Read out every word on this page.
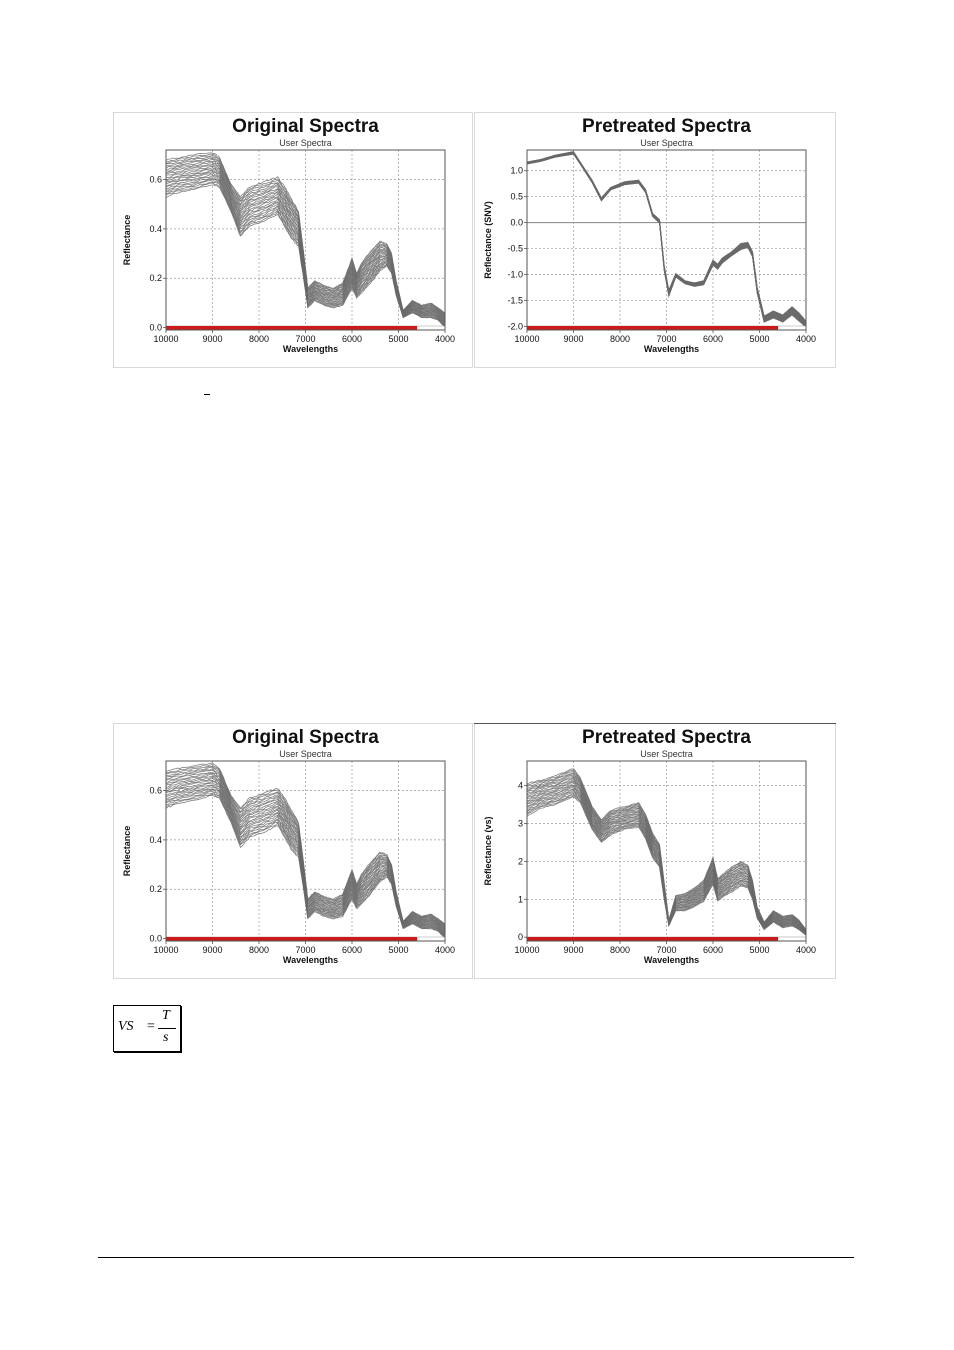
Original Spectra
User Spectra
10000	9000	8000	7000	6000	5000	4000
0.0
0.2
0.4
0.6
Wavelengths
Reflectance
Pretreated Spectra
User Spectra
10000	9000	8000	7000	6000	5000	4000
-2.0
-1.5
-1.0
-0.5
0.0
0.5
1.0
Wavelengths
Reflectance (SNV)
Original Spectra
User Spectra
10000	9000	8000	7000	6000	5000	4000
0.0
0.2
0.4
0.6
Wavelengths
Reflectance
Pretreated Spectra
User Spectra
10000	9000	8000	7000	6000	5000	4000
0
1
2
3
4
Wavelengths
Reflectance (vs)
VS =
T
s
